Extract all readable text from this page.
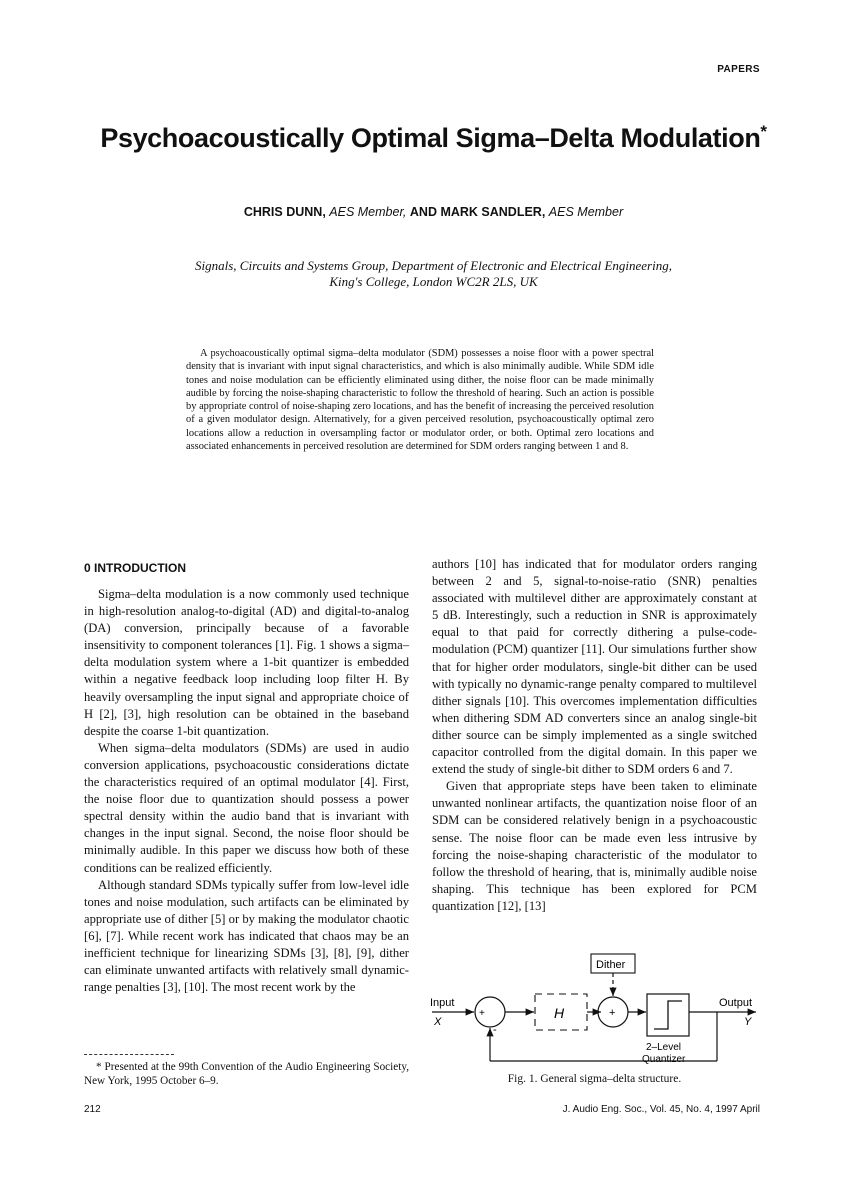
PAPERS
Psychoacoustically Optimal Sigma–Delta Modulation*
CHRIS DUNN, AES Member, AND MARK SANDLER, AES Member
Signals, Circuits and Systems Group, Department of Electronic and Electrical Engineering,
King's College, London WC2R 2LS, UK
A psychoacoustically optimal sigma–delta modulator (SDM) possesses a noise floor with a power spectral density that is invariant with input signal characteristics, and which is also minimally audible. While SDM idle tones and noise modulation can be efficiently eliminated using dither, the noise floor can be made minimally audible by forcing the noise-shaping characteristic to follow the threshold of hearing. Such an action is possible by appropriate control of noise-shaping zero locations, and has the benefit of increasing the perceived resolution of a given modulator design. Alternatively, for a given perceived resolution, psychoacoustically optimal zero locations allow a reduction in oversampling factor or modulator order, or both. Optimal zero locations and associated enhancements in perceived resolution are determined for SDM orders ranging between 1 and 8.
0 INTRODUCTION

Sigma–delta modulation is a now commonly used technique in high-resolution analog-to-digital (AD) and digital-to-analog (DA) conversion, principally because of a favorable insensitivity to component tolerances [1]. Fig. 1 shows a sigma–delta modulation system where a 1-bit quantizer is embedded within a negative feedback loop including loop filter H. By heavily oversampling the input signal and appropriate choice of H [2], [3], high resolution can be obtained in the baseband despite the coarse 1-bit quantization.

When sigma–delta modulators (SDMs) are used in audio conversion applications, psychoacoustic considerations dictate the characteristics required of an optimal modulator [4]. First, the noise floor due to quantization should possess a power spectral density within the audio band that is invariant with changes in the input signal. Second, the noise floor should be minimally audible. In this paper we discuss how both of these conditions can be realized efficiently.

Although standard SDMs typically suffer from low-level idle tones and noise modulation, such artifacts can be eliminated by appropriate use of dither [5] or by making the modulator chaotic [6], [7]. While recent work has indicated that chaos may be an inefficient technique for linearizing SDMs [3], [8], [9], dither can eliminate unwanted artifacts with relatively small dynamic-range penalties [3], [10]. The most recent work by the

* Presented at the 99th Convention of the Audio Engineering Society, New York, 1995 October 6–9.

authors [10] has indicated that for modulator orders ranging between 2 and 5, signal-to-noise-ratio (SNR) penalties associated with multilevel dither are approximately constant at 5 dB. Interestingly, such a reduction in SNR is approximately equal to that paid for correctly dithering a pulse-code-modulation (PCM) quantizer [11]. Our simulations further show that for higher order modulators, single-bit dither can be used with typically no dynamic-range penalty compared to multilevel dither signals [10]. This overcomes implementation difficulties when dithering SDM AD converters since an analog single-bit dither source can be simply implemented as a single switched capacitor controlled from the digital domain. In this paper we extend the study of single-bit dither to SDM orders 6 and 7.

Given that appropriate steps have been taken to eliminate unwanted nonlinear artifacts, the quantization noise floor of an SDM can be considered relatively benign in a psychoacoustic sense. The noise floor can be made even less intrusive by forcing the noise-shaping characteristic of the modulator to follow the threshold of hearing, that is, minimally audible noise shaping. This technique has been explored for PCM quantization [12], [13]

Input
X
+
-
H
Dither
+
2–Level
Quantizer
Output
Y
Fig. 1. General sigma–delta structure.
212	J. Audio Eng. Soc., Vol. 45, No. 4, 1997 April
